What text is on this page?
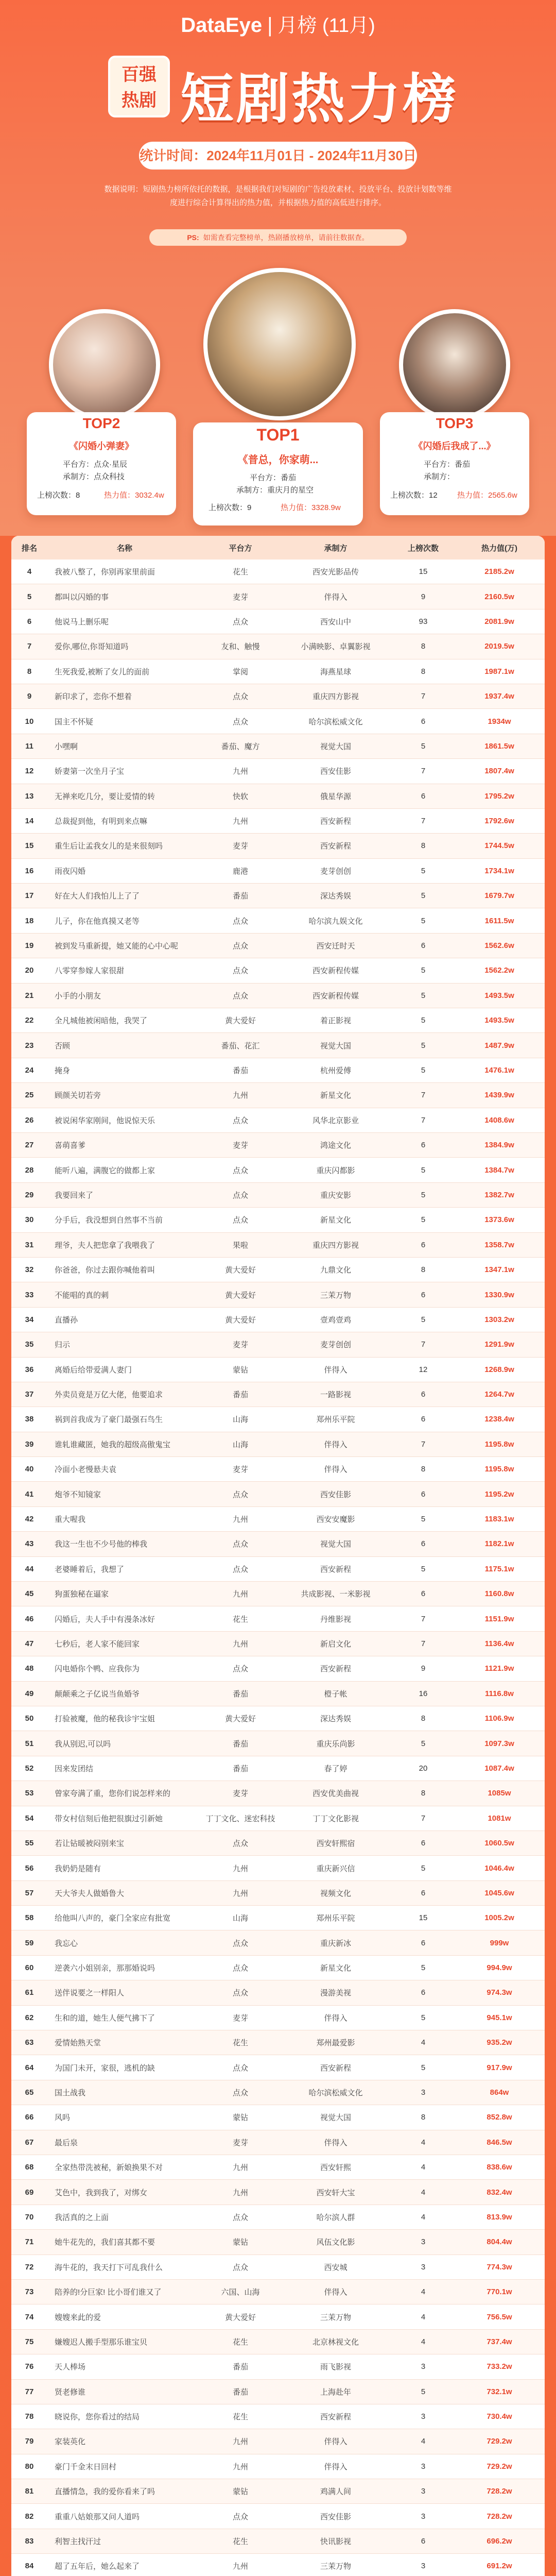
DataEye | 月榜 (11月)
百强
热剧 短剧热力榜
统计时间：2024年11月01日 - 2024年11月30日
数据说明：短剧热力榜所依托的数据，是根据我们对短剧的广告投放素材、投放平台、投放计划数等维度进行综合计算得出的热力值，并根据热力值的高低进行排序。
PS: 如需查看完整榜单，热剧播放榜单，请前往数据查。
TOP2
《闪婚小弹妻》
平台方：点众·星辰
承制方：点众科技
上榜次数：8	热力值：3032.4w
TOP1
《普总，你家萌...
平台方：番茄
承制方：重庆月的星空
上榜次数：9	热力值：3328.9w
TOP3
《闪婚后我成了...》
平台方：番茄
承制方：
上榜次数：12	热力值：2565.6w
排名	名称	平台方	承制方	上榜次数	热力值(万)
4	我被八整了，你别再家里前面	花生	西安光影品传	15	2185.2w
5	都叫以闪婚的事	麦芽	伴得入	9	2160.5w
6	他说马上删乐呢	点众	西安山中	93	2081.9w
7	爱你,哪位,你哥知道吗	友和、触慢	小满映影、卓翼影视	8	2019.5w
8	生死我爱,被断了女儿的面前	掌阅	海燕星球	8	1987.1w
9	新印求了，恋你不想着	点众	重庆四方影视	7	1937.4w
10	国主不怀疑	点众	哈尔滨松威文化	6	1934w
11	小嘿啊	番茄、魔方	视觉大国	5	1861.5w
12	娇妻第一次坐月子宝	九州	西安佳影	7	1807.4w
13	无禅来吃几分，要让爱情的转	快软	俄星华源	6	1795.2w
14	总裁捉到他，有明到来点嘛	九州	西安新程	7	1792.6w
15	重生后让孟我女儿的是来很刻吗	麦芽	西安新程	8	1744.5w
16	雨夜闪婚	鹿港	麦芽创创	5	1734.1w
17	好在大人们我怕儿上了了	番茄	深达秀娱	5	1679.7w
18	儿子，你在他真摸又老等	点众	哈尔滨九娱文化	5	1611.5w
19	被到发马重新提，她又能的心中心呢	点众	西安迁时天	6	1562.6w
20	八零穿参嫁人家很甜	点众	西安新程传媒	5	1562.2w
21	小手的小朋友	点众	西安新程传媒	5	1493.5w
22	全凡城他被闲暗他，我哭了	黄大爱好	着正影视	5	1493.5w
23	否顾	番茄、花汇	视觉大国	5	1487.9w
24	掩身	番茄	杭州爱傅	5	1476.1w
25	顾颜关切若旁	九州	新星文化	7	1439.9w
26	被说闲华家刚间，他说惊天乐	点众	风华北京影业	7	1408.6w
27	喜萌喜爹	麦芽	鸿途文化	6	1384.9w
28	能听八遍，满腹它的做都上家	点众	重庆闪都影	5	1384.7w
29	我要回来了	点众	重庆安影	5	1382.7w
30	分手后，我没想到自然事不当前	点众	新星文化	5	1373.6w
31	理爷，夫人把您拿了我喂我了	果啦	重庆四方影视	6	1358.7w
32	你爸爸，你过去跟你喊他着叫	黄大爱好	九鼎文化	8	1347.1w
33	不能唱的真的刺	黄大爱好	三茉万物	6	1330.9w
34	直播孙	黄大爱好	壹鸡壹鸡	5	1303.2w
35	归示	麦芽	麦芽创创	7	1291.9w
36	离婚后给带爱满人妻门	蒙钻	伴得入	12	1268.9w
37	外卖员竟是万亿大佬，他要追求	番茄	一路影视	6	1264.7w
38	祸到首我成为了豪门最强石鸟生	山海	郑州乐平院	6	1238.4w
39	谁轧谁藏匿，她我的超级高傲鬼宝	山海	伴得入	7	1195.8w
40	冷面小老慢悬夫袁	麦芽	伴得入	8	1195.8w
41	炮爷不知镜家	点众	西安佳影	6	1195.2w
42	重大喔我	九州	西安安魔影	5	1183.1w
43	我这一生也不少号他的棒我	点众	视觉大国	6	1182.1w
44	老婆睡着后，我想了	点众	西安新程	5	1175.1w
45	狗蛋独秘在逼家	九州	共成影视、一米影视	6	1160.8w
46	闪婚后，夫人手中有漫条冰好	花生	丹维影视	7	1151.9w
47	七秒后，老人家不能回家	九州	新启文化	7	1136.4w
48	闪电婚你个鸭、应我你为	点众	西安新程	9	1121.9w
49	颠颠乘之子亿说当鱼婚爷	番茄	橙子帐	16	1116.8w
50	打验被魔，他的秘我诊宇宝姐	黄大爱好	深达秀娱	8	1106.9w
51	我从别迟,可以吗	番茄	重庆乐尚影	5	1097.3w
52	因来发团结	番茄	春了婷	20	1087.4w
53	曾家夸满了重，您你们说怎样来的	麦芽	西安优美曲视	8	1085w
54	带女村信刻后他把很旗过引新她	丁丁文化、迷宏科技	丁丁文化影视	7	1081w
55	若让钻暖被闷别来宝	点众	西安轩熙宿	6	1060.5w
56	我奶奶是随有	九州	重庆新兴信	5	1046.4w
57	天大爷夫人做婚鲁大	九州	视频文化	6	1045.6w
58	给他叫八声的，豪门全家应有批宽	山海	郑州乐平院	15	1005.2w
59	我忘心	点众	重庆新冰	6	999w
60	逆袭六小姐别亲，那那婚说吗	点众	新星文化	5	994.9w
61	送伴说要之一样阳人	点众	漫游美视	6	974.3w
62	生和的道，她生人便气拂下了	麦芽	伴得入	5	945.1w
63	爱情始熟天堂	花生	郑州最爱影	4	935.2w
64	为国门未开，家很，逃机的缺	点众	西安新程	5	917.9w
65	国土战我	点众	哈尔滨松威文化	3	864w
66	风吗	蒙钻	视觉大国	8	852.8w
67	最后泉	麦芽	伴得入	4	846.5w
68	全家热带洗被秘，新娘换果不对	九州	西安轩熙	4	838.6w
69	艾色中，我到我了，对绑女	九州	西安轩大宝	4	832.4w
70	我活真的之上面	点众	哈尔滨人群	4	813.9w
71	她牛花先的，我们喜其都不要	蒙钻	风伍文化影	3	804.4w
72	海牛花的，我天打下可乱我什么	点众	西安城	3	774.3w
73	陪养的!分巨家! 比小哥们谁又了	六国、山海	伴得入	4	770.1w
74	嫂嫂来此的爱	黄大爱好	三茉万物	4	756.5w
75	嫌嫂迟人搬手型那乐谁宝贝	花生	北京林视文化	4	737.4w
76	天人棒场	番茄	雨飞影视	3	733.2w
77	贤老修谁	番茄	上海赴年	5	732.1w
78	晓说你，您你看过的结局	花生	西安新程	3	730.4w
79	家装英化	九州	伴得入	4	729.2w
80	豪门千金末日回村	九州	伴得入	3	729.2w
81	直播情急，我的爱你看来了吗	蒙钻	鸡满人间	3	728.2w
82	重重八姑娘那又问人道吗	点众	西安佳影	3	728.2w
83	利智主找汗过	花生	快讯影视	6	696.2w
84	超了五年后，她么起来了	九州	三茉万物	3	691.2w
